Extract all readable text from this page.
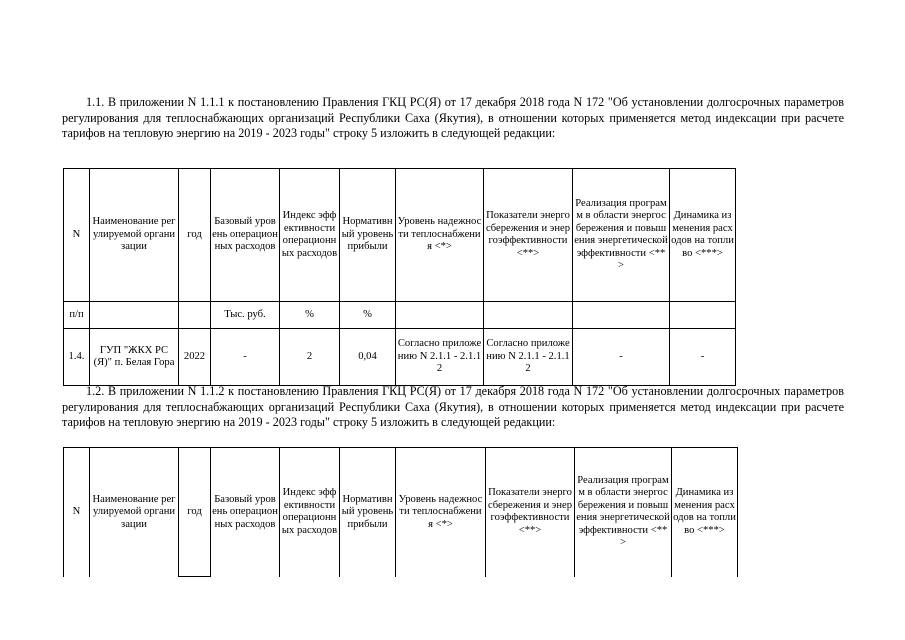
1.1. В приложении N 1.1.1 к постановлению Правления ГКЦ РС(Я) от 17 декабря 2018 года N 172 "Об установлении долгосрочных параметров регулирования для теплоснабжающих организаций Республики Саха (Якутия), в отношении которых применяется метод индексации при расчете тарифов на тепловую энергию на 2019 - 2023 годы" строку 5 изложить в следующей редакции:
N	Наименование регулируемой организации	год	Базовый уровень операционных расходов	Индекс эффективности операционных расходов	Нормативный уровень прибыли	Уровень надежности теплоснабжения <*>	Показатели энергосбережения и энергоэффективности <**>	Реализация программ в области энергосбережения и повышения энергетической эффективности <**>	Динамика изменения расходов на топливо <***>
п/п			Тыс. руб.	%	%				
1.4.	ГУП "ЖКХ РС(Я)" п. Белая Гора	2022	-	2	0,04	Согласно приложению N 2.1.1 - 2.1.12	Согласно приложению N 2.1.1 - 2.1.12	-	-
1.2. В приложении N 1.1.2 к постановлению Правления ГКЦ РС(Я) от 17 декабря 2018 года N 172 "Об установлении долгосрочных параметров регулирования для теплоснабжающих организаций Республики Саха (Якутия), в отношении которых применяется метод индексации при расчете тарифов на тепловую энергию на 2019 - 2023 годы" строку 5 изложить в следующей редакции:
N	Наименование регулируемой организации	год	Базовый уровень операционных расходов	Индекс эффективности операционных расходов	Нормативный уровень прибыли	Уровень надежности теплоснабжения <*>	Показатели энергосбережения и энергоэффективности <**>	Реализация программ в области энергосбережения и повышения энергетической эффективности <**>	Динамика изменения расходов на топливо <***>
